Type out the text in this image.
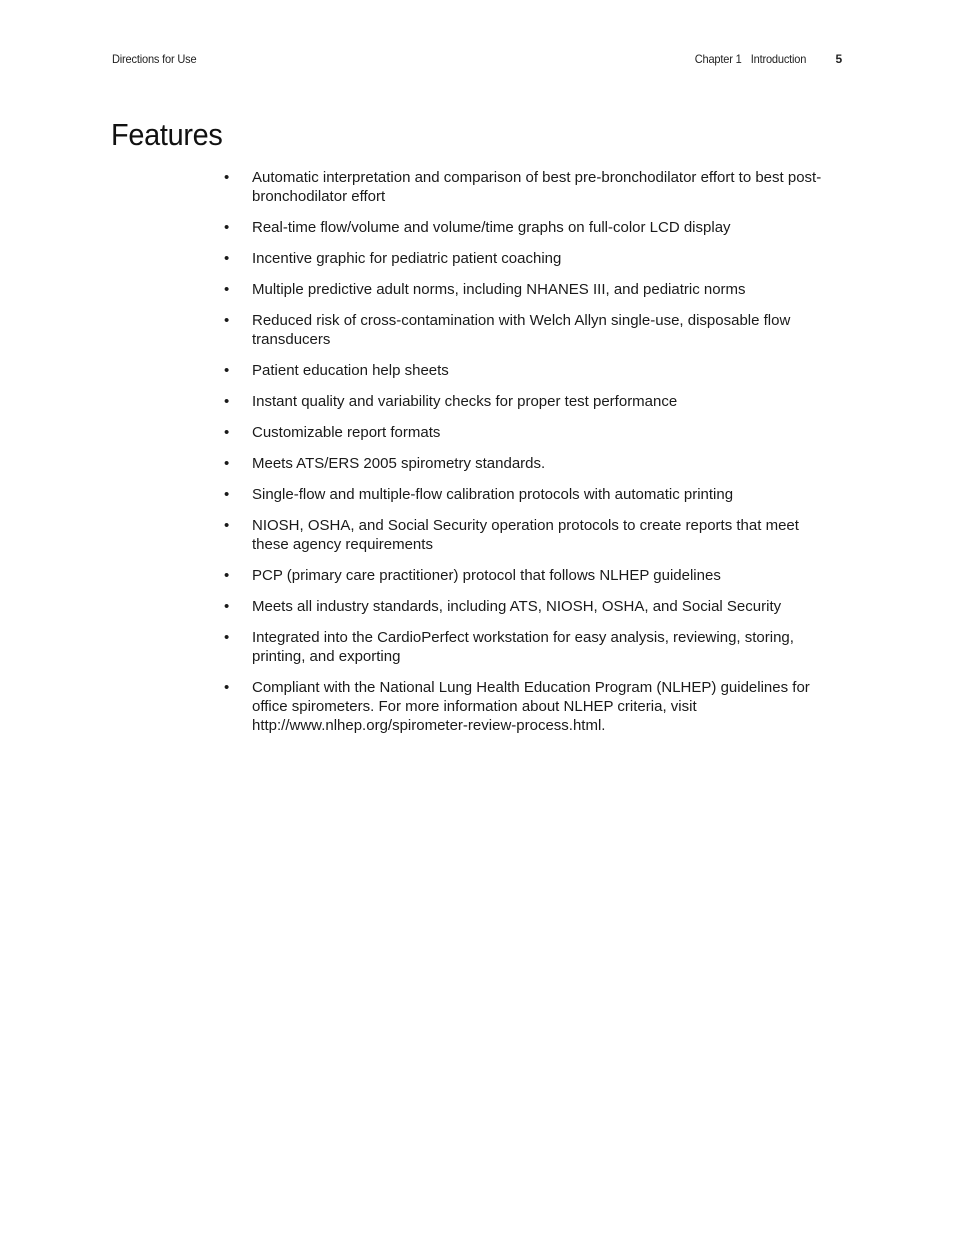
Directions for Use	Chapter 1 Introduction 5
Features
• Automatic interpretation and comparison of best pre-bronchodilator effort to best post-bronchodilator effort
• Real-time flow/volume and volume/time graphs on full-color LCD display
• Incentive graphic for pediatric patient coaching
• Multiple predictive adult norms, including NHANES III, and pediatric norms
• Reduced risk of cross-contamination with Welch Allyn single-use, disposable flow transducers
• Patient education help sheets
• Instant quality and variability checks for proper test performance
• Customizable report formats
• Meets ATS/ERS 2005 spirometry standards.
• Single-flow and multiple-flow calibration protocols with automatic printing
• NIOSH, OSHA, and Social Security operation protocols to create reports that meet these agency requirements
• PCP (primary care practitioner) protocol that follows NLHEP guidelines
• Meets all industry standards, including ATS, NIOSH, OSHA, and Social Security
• Integrated into the CardioPerfect workstation for easy analysis, reviewing, storing, printing, and exporting
• Compliant with the National Lung Health Education Program (NLHEP) guidelines for office spirometers. For more information about NLHEP criteria, visit http://www.nlhep.org/spirometer-review-process.html.
